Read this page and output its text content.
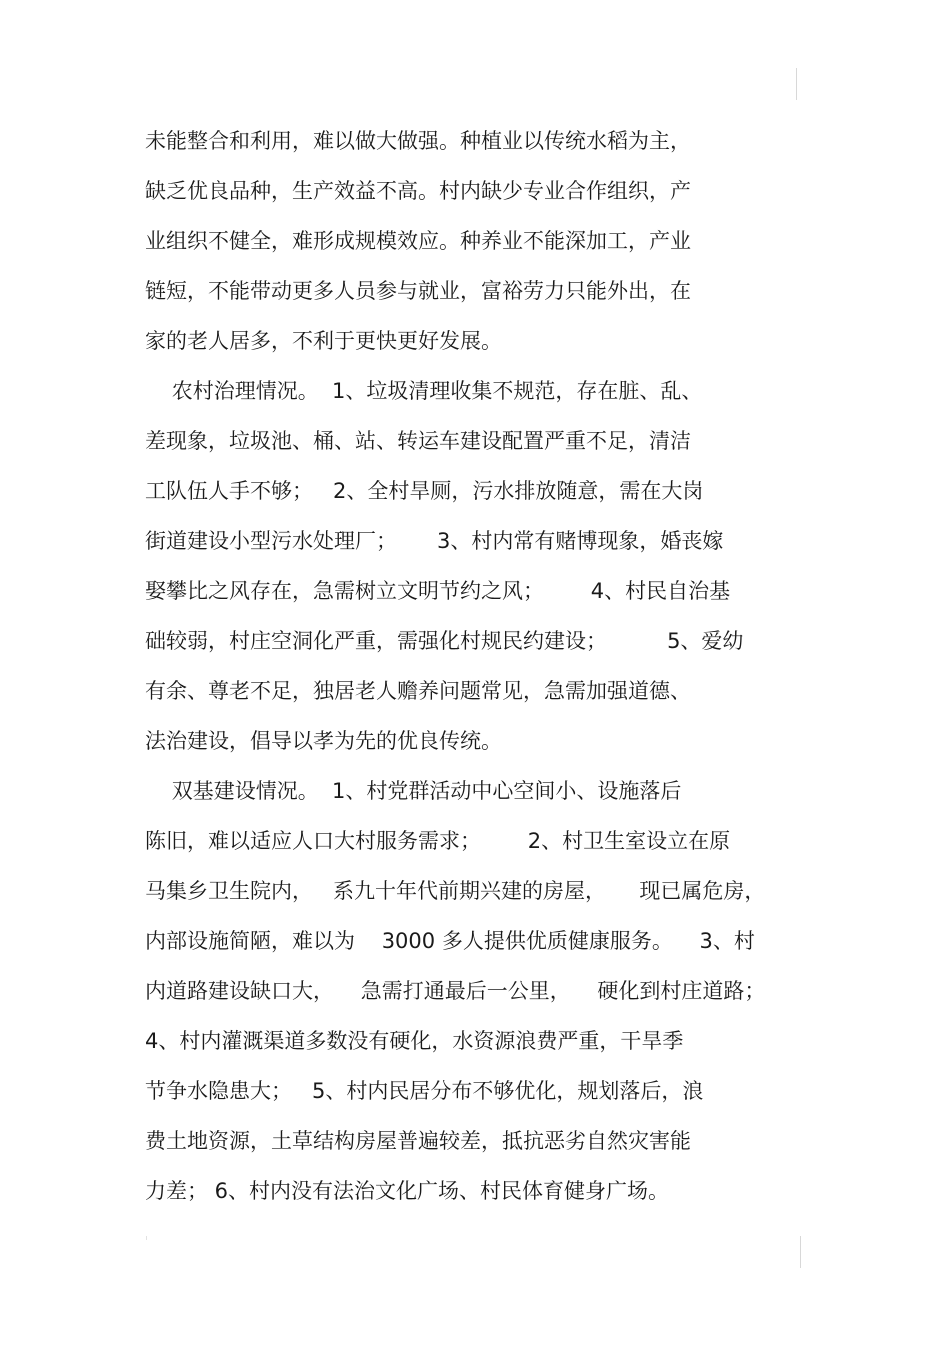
未能整合和利用，难以做大做强。种植业以传统水稻为主，

缺乏优良品种，生产效益不高。村内缺少专业合作组织，产

业组织不健全，难形成规模效应。种养业不能深加工，产业

链短，不能带动更多人员参与就业，富裕劳力只能外出，在

家的老人居多，不利于更快更好发展。

农村治理情况。  1、垃圾清理收集不规范，存在脏、乱、

差现象，垃圾池、桶、站、转运车建设配置严重不足，清洁

工队伍人手不够；   2、全村旱厕，污水排放随意，需在大岗

街道建设小型污水处理厂；      3、村内常有赌博现象，婚丧嫁

娶攀比之风存在，急需树立文明节约之风；       4、村民自治基

础较弱，村庄空洞化严重，需强化村规民约建设；         5、爱幼

有余、尊老不足，独居老人赡养问题常见，急需加强道德、

法治建设，倡导以孝为先的优良传统。

双基建设情况。  1、村党群活动中心空间小、设施落后

陈旧，难以适应人口大村服务需求；       2、村卫生室设立在原

马集乡卫生院内，   系九十年代前期兴建的房屋，     现已属危房，

内部设施简陋，难以为    3000 多人提供优质健康服务。    3、村

内道路建设缺口大，    急需打通最后一公里，    硬化到村庄道路；

4、村内灌溉渠道多数没有硬化，水资源浪费严重，干旱季

节争水隐患大；   5、村内民居分布不够优化，规划落后，浪

费土地资源，土草结构房屋普遍较差，抵抗恶劣自然灾害能

力差； 6、村内没有法治文化广场、村民体育健身广场。
